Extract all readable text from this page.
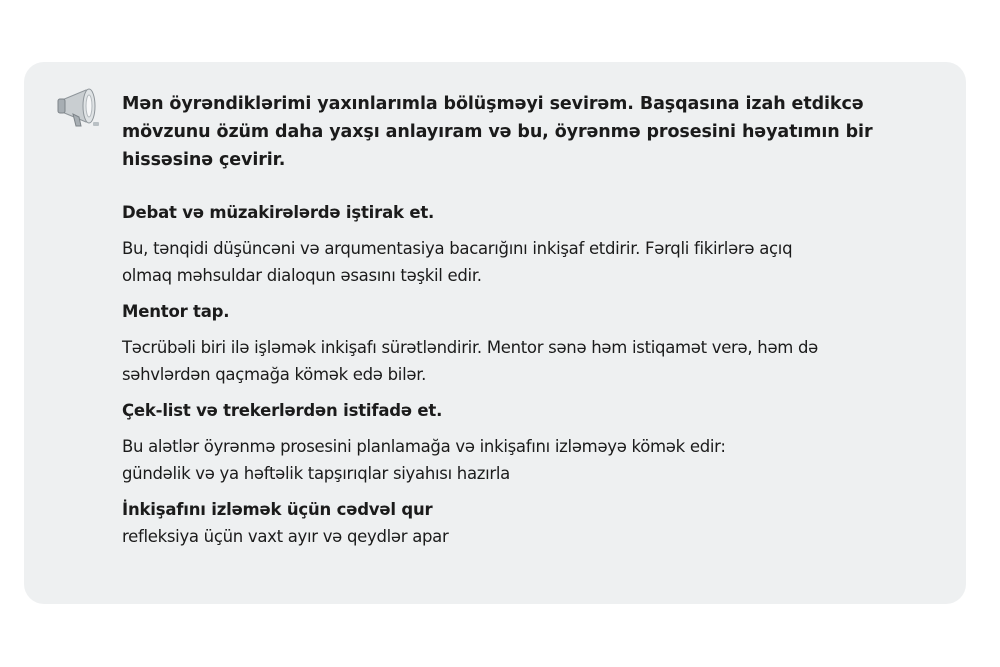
Mən öyrəndiklərimi yaxınlarımla bölüşməyi sevirəm. Başqasına izah etdikcə mövzunu özüm daha yaxşı anlayıram və bu, öyrənmə prosesini həyatımın bir hissəsinə çevirir.

Debat və müzakirələrdə iştirak et.

Bu, tənqidi düşüncəni və arqumentasiya bacarığını inkişaf etdirir. Fərqli fikirlərə açıq olmaq məhsuldar dialoqun əsasını təşkil edir.

Mentor tap.

Təcrübəli biri ilə işləmək inkişafı sürətləndirir. Mentor sənə həm istiqamət verə, həm də səhvlərdən qaçmağa kömək edə bilər.

Çek-list və trekerlərdən istifadə et.

Bu alətlər öyrənmə prosesini planlamağa və inkişafını izləməyə kömək edir:

gündəlik və ya həftəlik tapşırıqlar siyahısı hazırla

İnkişafını izləmək üçün cədvəl qur

refleksiya üçün vaxt ayır və qeydlər apar
